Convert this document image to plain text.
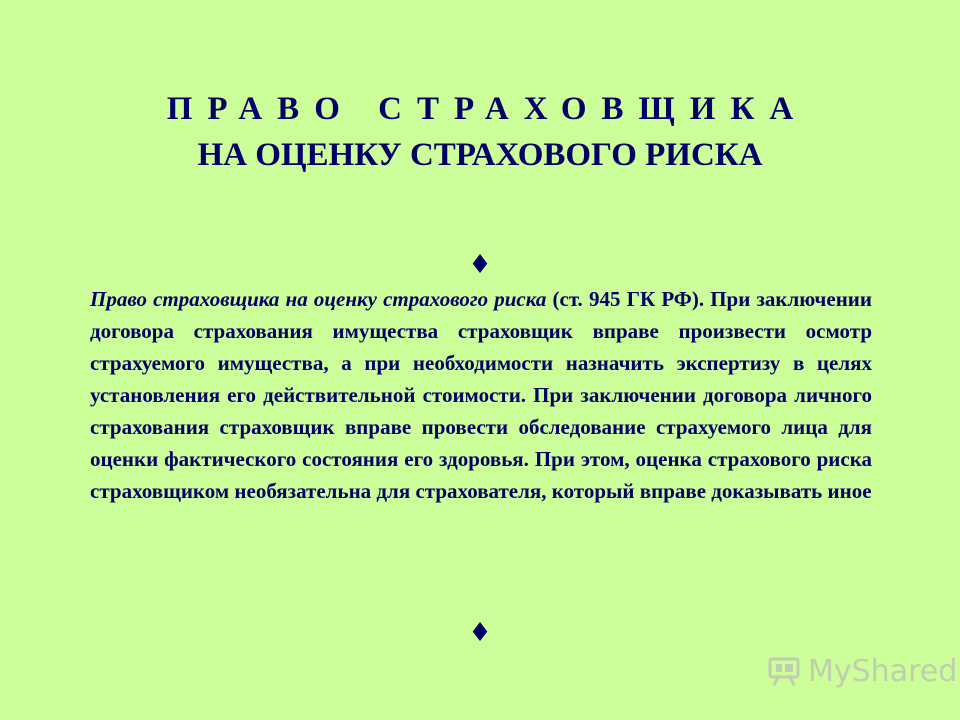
ПРАВО СТРАХОВЩИКА
НА ОЦЕНКУ СТРАХОВОГО РИСКА
♦
Право страховщика на оценку страхового риска (ст. 945 ГК РФ). При заключении договора страхования имущества страховщик вправе произвести осмотр страхуемого имущества, а при необходимости назначить экспертизу в целях установления его действительной стоимости. При заключении договора личного страхования страховщик вправе провести обследование страхуемого лица для оценки фактического состояния его здоровья. При этом, оценка страхового риска страховщиком необязательна для страхователя, который вправе доказывать иное
♦
MyShared
